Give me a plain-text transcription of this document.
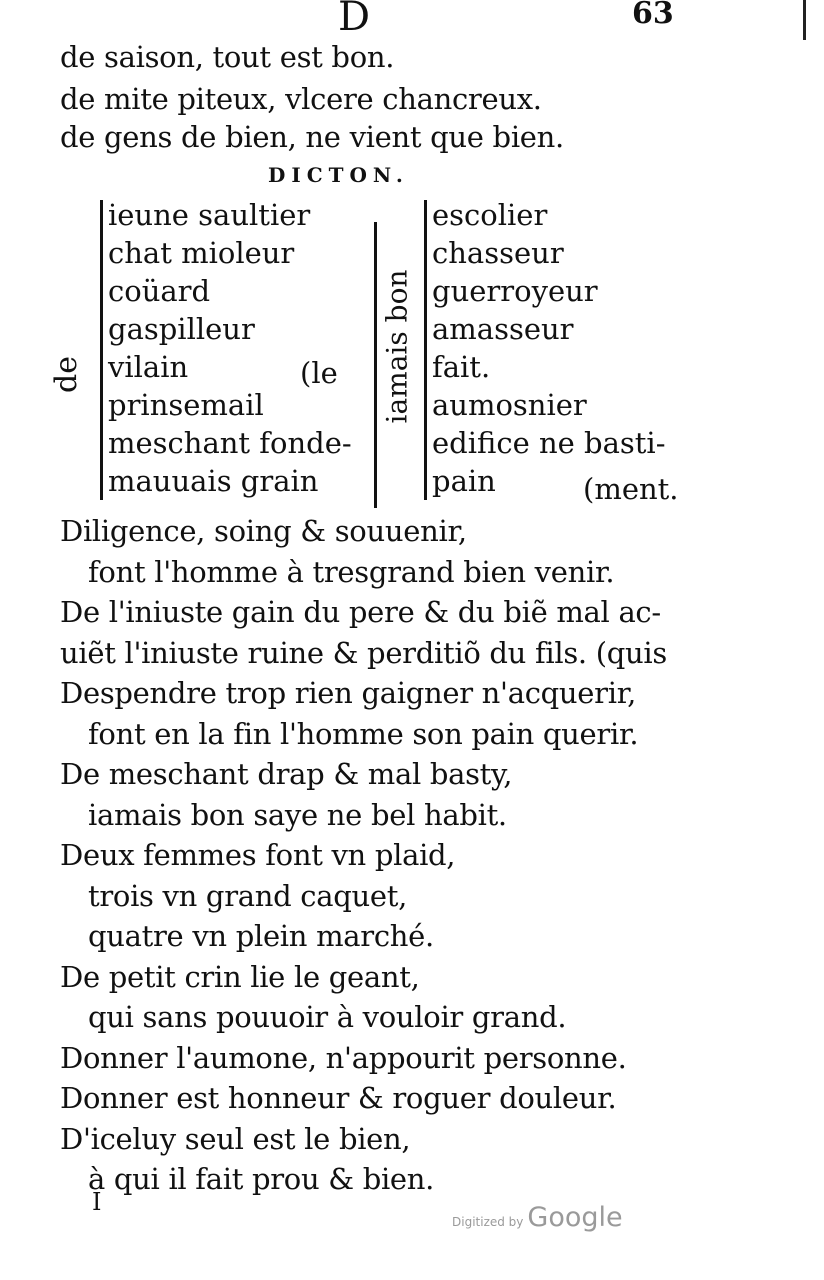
D	63
de saison, tout est bon.
de mite piteux, vlcere chancreux.
de gens de bien, ne vient que bien.
DICTON.
de
ieune saultier
chat mioleur
coüard
gaspilleur
vilain
prinsemail
meschant fonde-
mauuais grain
(le iamais bon
escolier
chasseur
guerroyeur
amasseur
fait.
aumosnier
edifice ne basti-
pain	(ment.
Diligence, soing & souuenir,
font l'homme à tresgrand bien venir.
De l'iniuste gain du pere & du biẽ mal ac-
uiẽt l'iniuste ruine & perditiõ du fils. (quis
Despendre trop rien gaigner n'acquerir,
font en la fin l'homme son pain querir.
De meschant drap & mal basty,
iamais bon saye ne bel habit.
Deux femmes font vn plaid,
trois vn grand caquet,
quatre vn plein marché.
De petit crin lie le geant,
qui sans pouuoir à vouloir grand.
Donner l'aumone, n'appourit personne.
Donner est honneur & roguer douleur.
D'iceluy seul est le bien,
à qui il fait prou & bien.
I
Digitized by Google
